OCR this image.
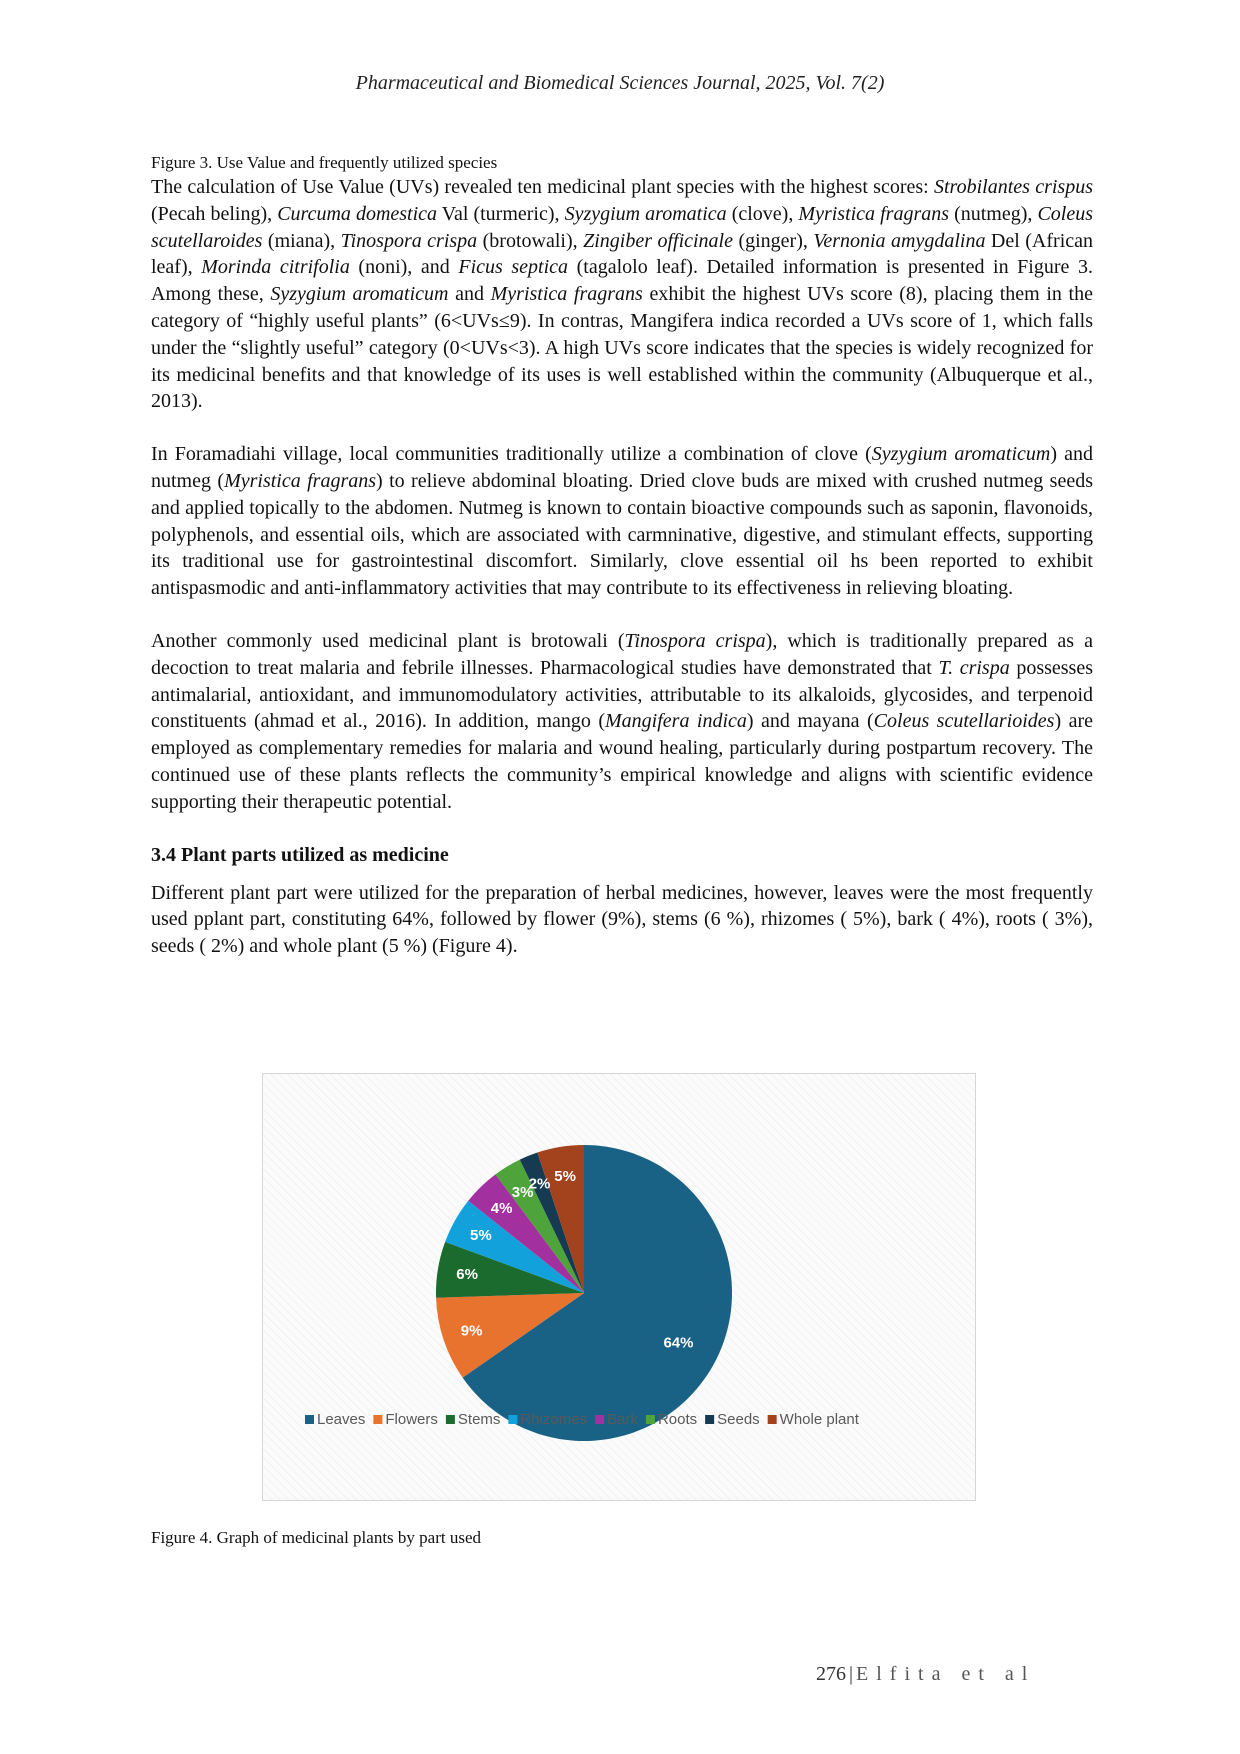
Pharmaceutical and Biomedical Sciences Journal, 2025, Vol. 7(2)
Figure 3. Use Value and frequently utilized species

The calculation of Use Value (UVs) revealed ten medicinal plant species with the highest scores: Strobilantes crispus (Pecah beling), Curcuma domestica Val (turmeric), Syzygium aromatica (clove), Myristica fragrans (nutmeg), Coleus scutellaroides (miana), Tinospora crispa (brotowali), Zingiber officinale (ginger), Vernonia amygdalina Del (African leaf), Morinda citrifolia (noni), and Ficus septica (tagalolo leaf). Detailed information is presented in Figure 3. Among these, Syzygium aromaticum and Myristica fragrans exhibit the highest UVs score (8), placing them in the category of “highly useful plants” (6<UVs≤9). In contras, Mangifera indica recorded a UVs score of 1, which falls under the “slightly useful” category (0<UVs<3). A high UVs score indicates that the species is widely recognized for its medicinal benefits and that knowledge of its uses is well established within the community (Albuquerque et al., 2013).

In Foramadiahi village, local communities traditionally utilize a combination of clove (Syzygium aromaticum) and nutmeg (Myristica fragrans) to relieve abdominal bloating. Dried clove buds are mixed with crushed nutmeg seeds and applied topically to the abdomen. Nutmeg is known to contain bioactive compounds such as saponin, flavonoids, polyphenols, and essential oils, which are associated with carmninative, digestive, and stimulant effects, supporting its traditional use for gastrointestinal discomfort. Similarly, clove essential oil hs been reported to exhibit antispasmodic and anti-inflammatory activities that may contribute to its effectiveness in relieving bloating.

Another commonly used medicinal plant is brotowali (Tinospora crispa), which is traditionally prepared as a decoction to treat malaria and febrile illnesses. Pharmacological studies have demonstrated that T. crispa possesses antimalarial, antioxidant, and immunomodulatory activities, attributable to its alkaloids, glycosides, and terpenoid constituents (ahmad et al., 2016). In addition, mango (Mangifera indica) and mayana (Coleus scutellarioides) are employed as complementary remedies for malaria and wound healing, particularly during postpartum recovery. The continued use of these plants reflects the community’s empirical knowledge and aligns with scientific evidence supporting their therapeutic potential.

3.4 Plant parts utilized as medicine

Different plant part were utilized for the preparation of herbal medicines, however, leaves were the most frequently used pplant part, constituting 64%, followed by flower (9%), stems (6 %), rhizomes ( 5%), bark ( 4%), roots ( 3%), seeds ( 2%) and whole plant (5 %) (Figure 4).

64%
9%
6%
5%
4%
3%
2% 5%
Leaves Flowers Stems Rhizomes Bark Roots Seeds Whole plant
Figure 4. Graph of medicinal plants by part used
276 | Elfita et al
